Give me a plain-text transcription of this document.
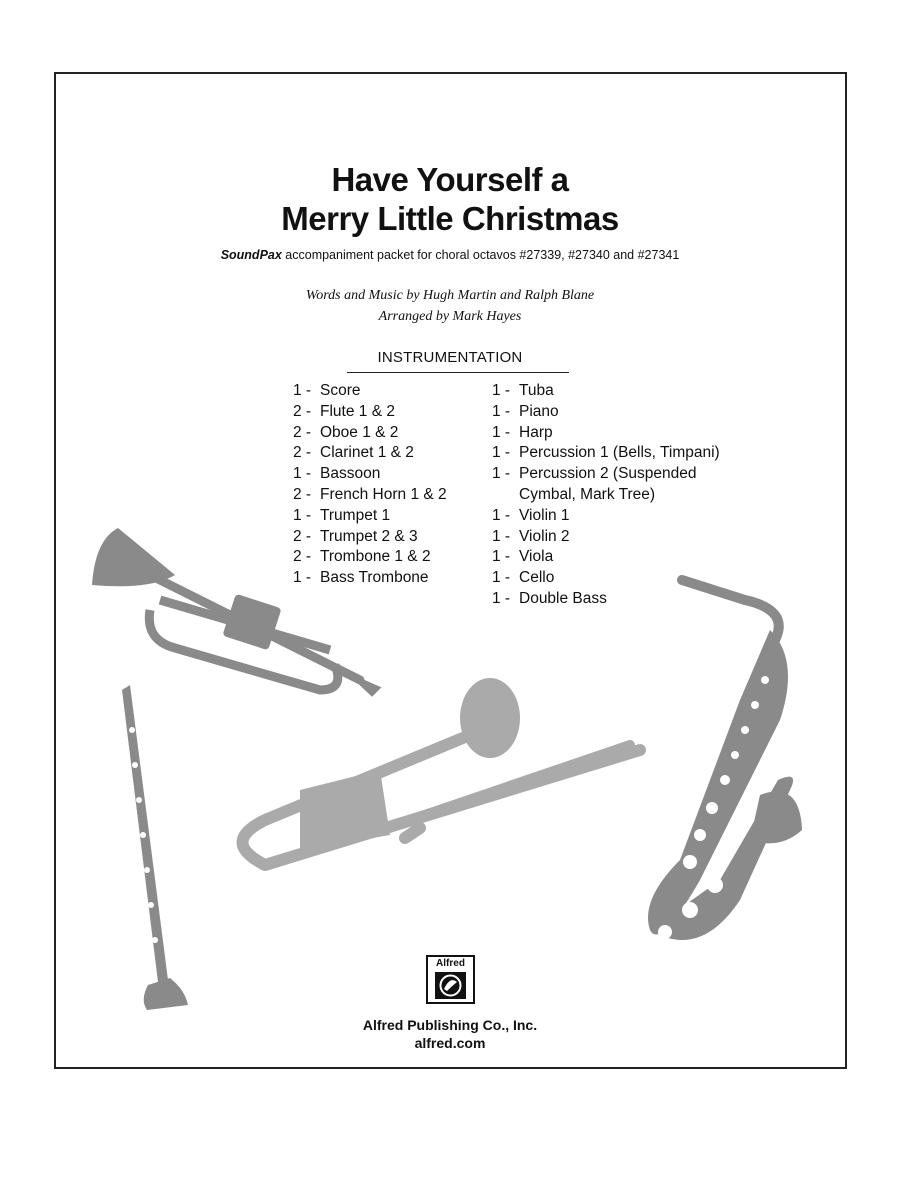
Have Yourself a
Merry Little Christmas
SoundPax accompaniment packet for choral octavos #27339, #27340 and #27341
Words and Music by Hugh Martin and Ralph Blane
Arranged by Mark Hayes
INSTRUMENTATION
1 - Score
2 - Flute 1 & 2
2 - Oboe 1 & 2
2 - Clarinet 1 & 2
1 - Bassoon
2 - French Horn 1 & 2
1 - Trumpet 1
2 - Trumpet 2 & 3
2 - Trombone 1 & 2
1 - Bass Trombone
1 - Tuba
1 - Piano
1 - Harp
1 - Percussion 1 (Bells, Timpani)
1 - Percussion 2 (Suspended
Cymbal, Mark Tree)
1 - Violin 1
1 - Violin 2
1 - Viola
1 - Cello
1 - Double Bass
Alfred
Alfred Publishing Co., Inc.
alfred.com
